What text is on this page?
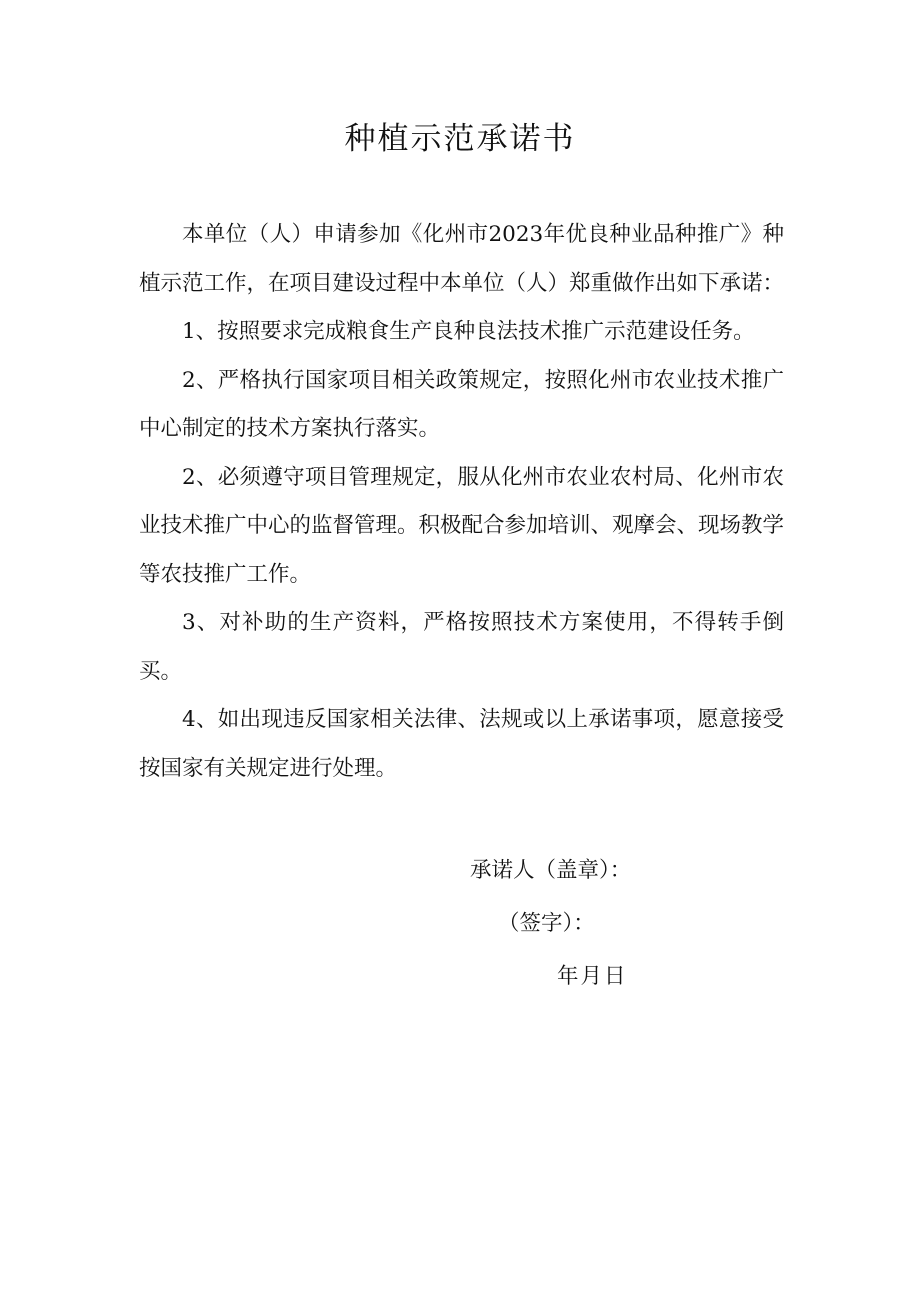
种植示范承诺书

本单位（人）申请参加《化州市2023年优良种业品种推广》种植示范工作，在项目建设过程中本单位（人）郑重做作出如下承诺：

1、按照要求完成粮食生产良种良法技术推广示范建设任务。

2、严格执行国家项目相关政策规定，按照化州市农业技术推广中心制定的技术方案执行落实。

2、必须遵守项目管理规定，服从化州市农业农村局、化州市农业技术推广中心的监督管理。积极配合参加培训、观摩会、现场教学等农技推广工作。

3、对补助的生产资料，严格按照技术方案使用，不得转手倒买。

4、如出现违反国家相关法律、法规或以上承诺事项，愿意接受按国家有关规定进行处理。

承诺人（盖章）：
（签字）：
年月日
